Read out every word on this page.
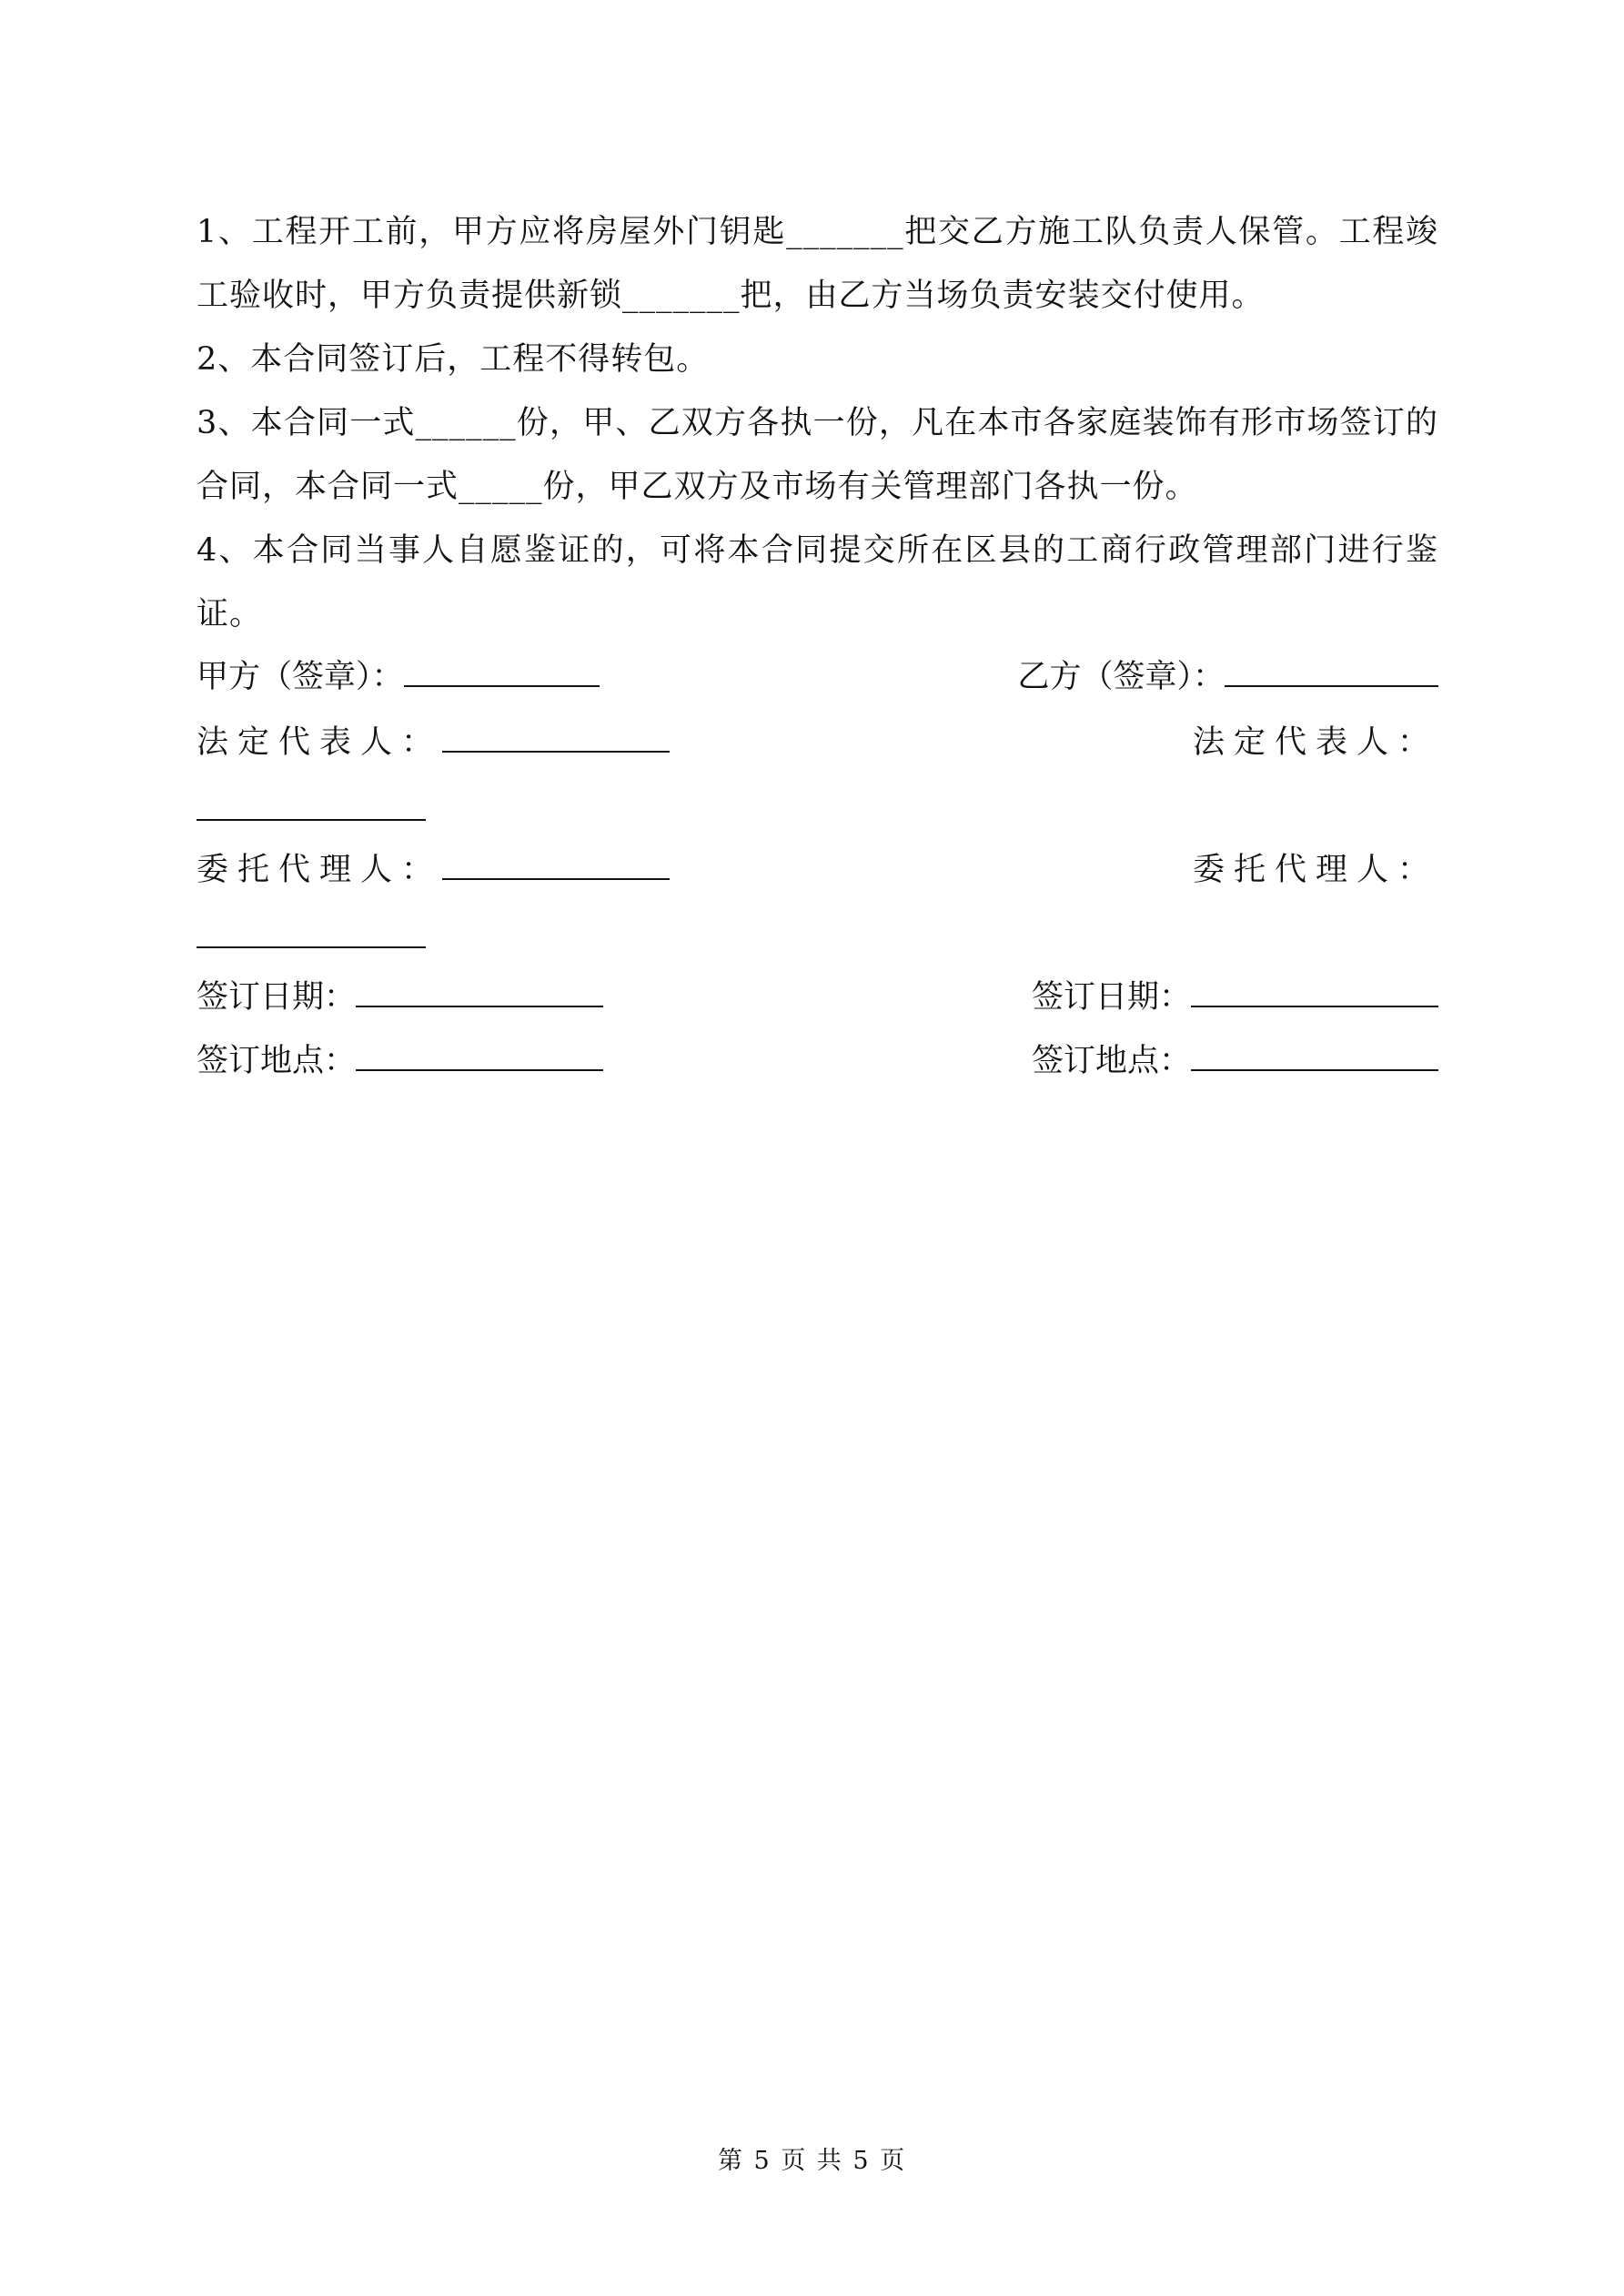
1、工程开工前，甲方应将房屋外门钥匙_______把交乙方施工队负责人保管。工程竣工验收时，甲方负责提供新锁_______把，由乙方当场负责安装交付使用。

2、本合同签订后，工程不得转包。

3、本合同一式______份，甲、乙双方各执一份，凡在本市各家庭装饰有形市场签订的合同，本合同一式_____份，甲乙双方及市场有关管理部门各执一份。

4、本合同当事人自愿鉴证的，可将本合同提交所在区县的工商行政管理部门进行鉴证。

甲方（签章）：	乙方（签章）：
法定代表人：	法定代表人：
委托代理人：	委托代理人：
签订日期：	签订日期：
签订地点：	签订地点：
第 5 页 共 5 页
